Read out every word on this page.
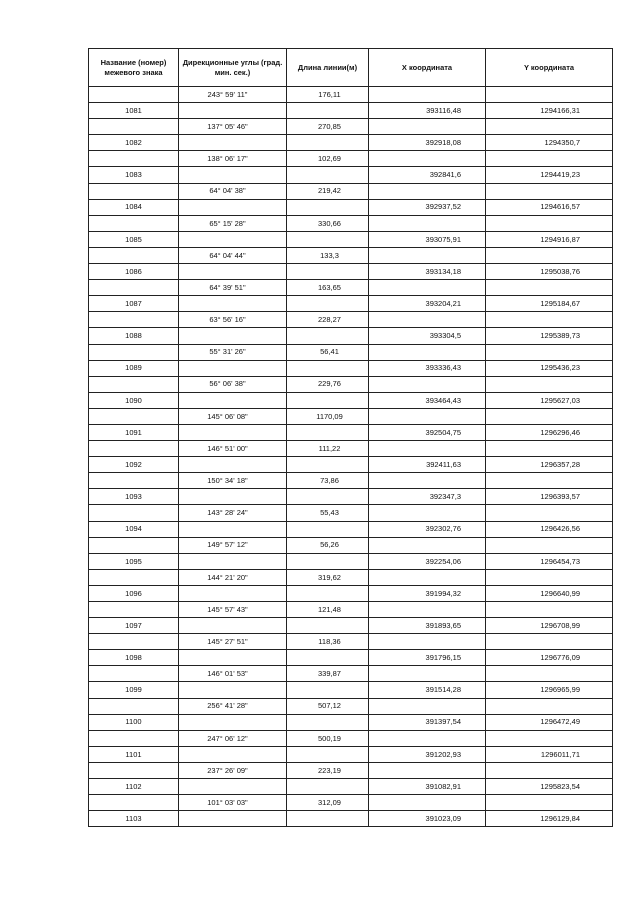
Название (номер) межевого знака	Дирекционные углы (град. мин. сек.)	Длина линии(м)	X координата	Y координата
	243° 59' 11"	176,11		
1081			393116,48	1294166,31
	137° 05' 46"	270,85		
1082			392918,08	1294350,7
	138° 06' 17"	102,69		
1083			392841,6	1294419,23
	64° 04' 38"	219,42		
1084			392937,52	1294616,57
	65° 15' 28"	330,66		
1085			393075,91	1294916,87
	64° 04' 44"	133,3		
1086			393134,18	1295038,76
	64° 39' 51"	163,65		
1087			393204,21	1295184,67
	63° 56' 16"	228,27		
1088			393304,5	1295389,73
	55° 31' 26"	56,41		
1089			393336,43	1295436,23
	56° 06' 38"	229,76		
1090			393464,43	1295627,03
	145° 06' 08"	1170,09		
1091			392504,75	1296296,46
	146° 51' 00"	111,22		
1092			392411,63	1296357,28
	150° 34' 18"	73,86		
1093			392347,3	1296393,57
	143° 28' 24"	55,43		
1094			392302,76	1296426,56
	149° 57' 12"	56,26		
1095			392254,06	1296454,73
	144° 21' 20"	319,62		
1096			391994,32	1296640,99
	145° 57' 43"	121,48		
1097			391893,65	1296708,99
	145° 27' 51"	118,36		
1098			391796,15	1296776,09
	146° 01' 53"	339,87		
1099			391514,28	1296965,99
	256° 41' 28"	507,12		
1100			391397,54	1296472,49
	247° 06' 12"	500,19		
1101			391202,93	1296011,71
	237° 26' 09"	223,19		
1102			391082,91	1295823,54
	101° 03' 03"	312,09		
1103			391023,09	1296129,84
